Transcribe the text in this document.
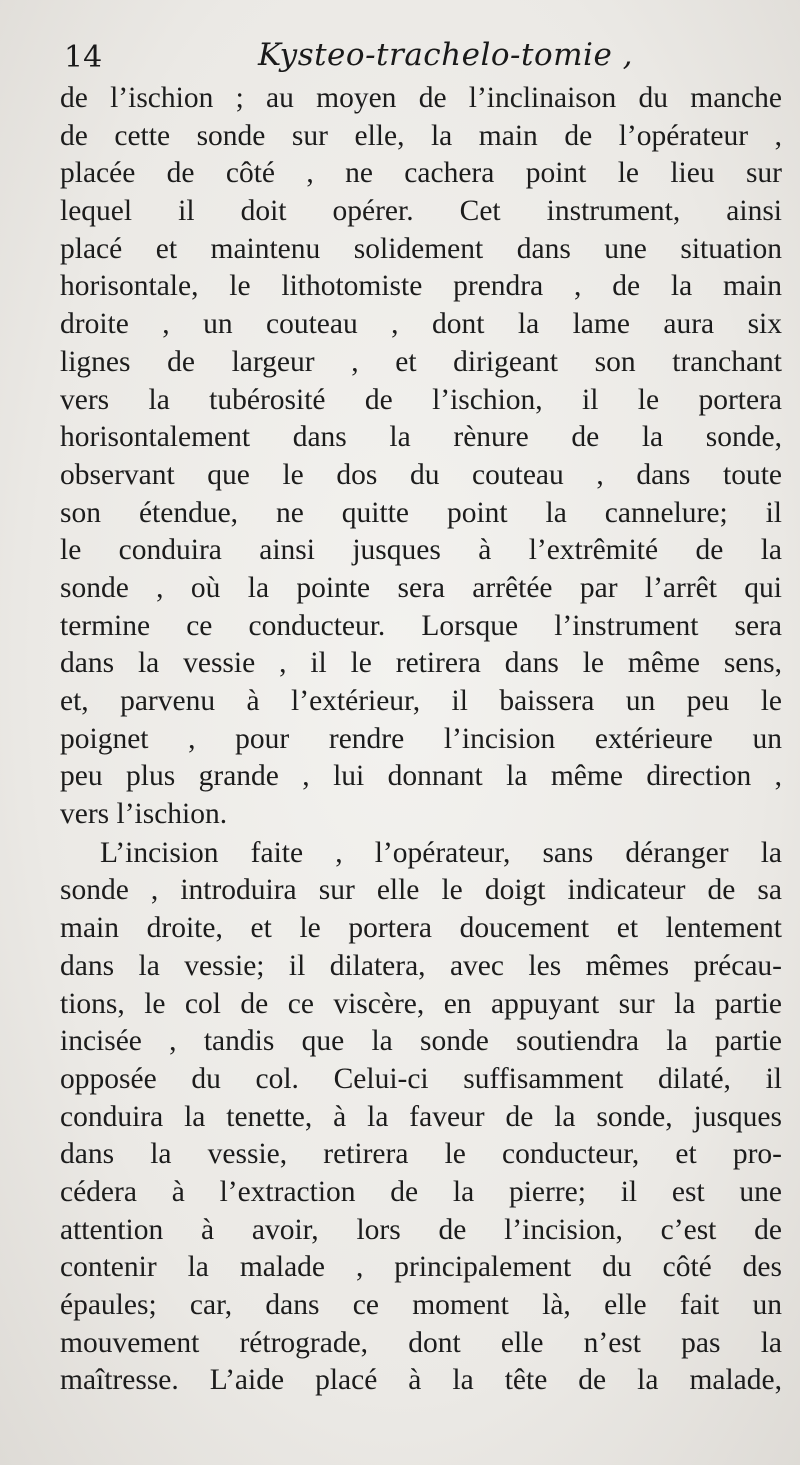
14	Kysteo-trachelo-tomie ,

de l’ischion ; au moyen de l’inclinaison du manche
de cette sonde sur elle, la main de l’opérateur ,
placée de côté , ne cachera point le lieu sur
lequel il doit opérer. Cet instrument, ainsi
placé et maintenu solidement dans une situation
horisontale, le lithotomiste prendra , de la main
droite , un couteau , dont la lame aura six
lignes de largeur , et dirigeant son tranchant
vers la tubérosité de l’ischion, il le portera
horisontalement dans la rènure de la sonde,
observant que le dos du couteau , dans toute
son étendue, ne quitte point la cannelure; il
le conduira ainsi jusques à l’extrêmité de la
sonde , où la pointe sera arrêtée par l’arrêt qui
termine ce conducteur. Lorsque l’instrument sera
dans la vessie , il le retirera dans le même sens,
et, parvenu à l’extérieur, il baissera un peu le
poignet , pour rendre l’incision extérieure un
peu plus grande , lui donnant la même direction ,
vers l’ischion.

L’incision faite , l’opérateur, sans déranger la
sonde , introduira sur elle le doigt indicateur de sa
main droite, et le portera doucement et lentement
dans la vessie; il dilatera, avec les mêmes précau-
tions, le col de ce viscère, en appuyant sur la partie
incisée , tandis que la sonde soutiendra la partie
opposée du col. Celui-ci suffisamment dilaté, il
conduira la tenette, à la faveur de la sonde, jusques
dans la vessie, retirera le conducteur, et pro-
cédera à l’extraction de la pierre; il est une
attention à avoir, lors de l’incision, c’est de
contenir la malade , principalement du côté des
épaules; car, dans ce moment là, elle fait un
mouvement rétrograde, dont elle n’est pas la
maîtresse. L’aide placé à la tête de la malade,
